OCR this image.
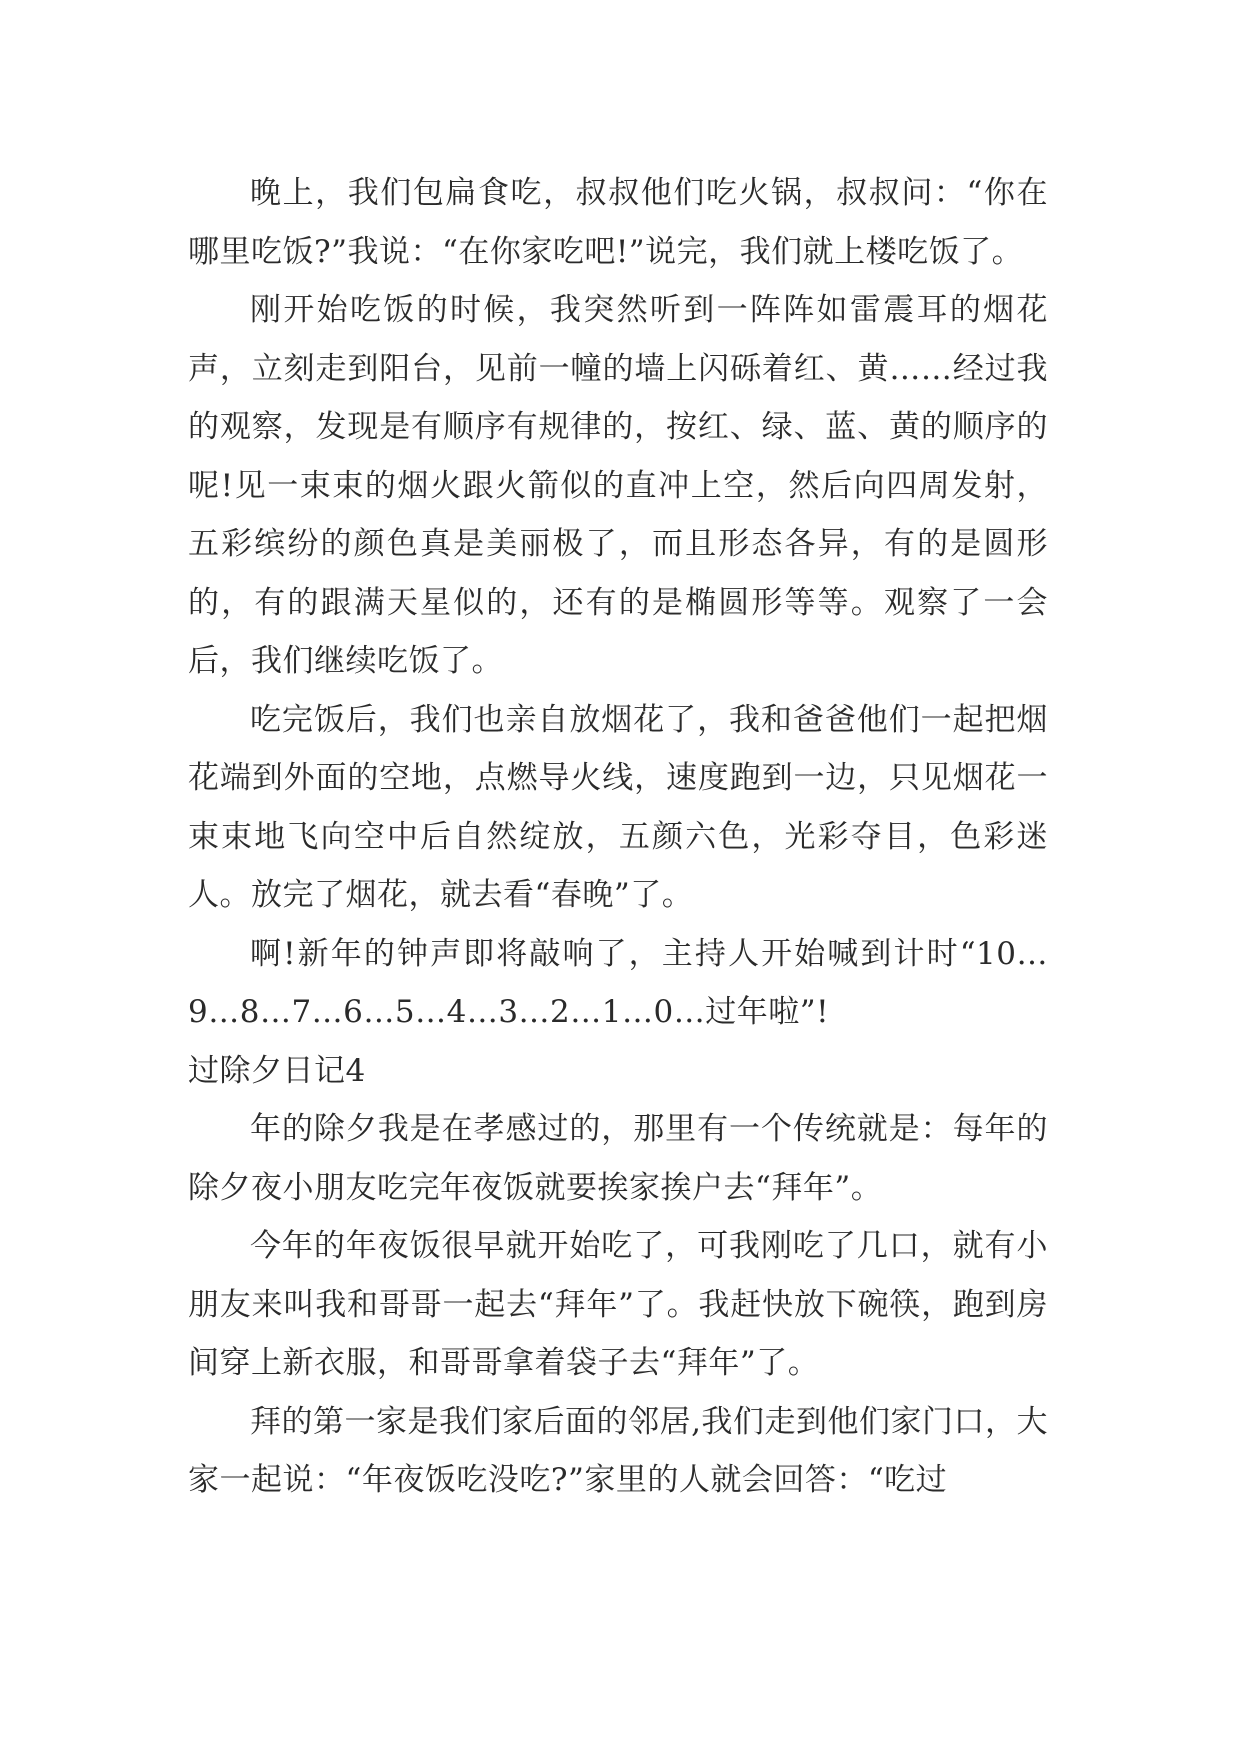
晚上，我们包扁食吃，叔叔他们吃火锅，叔叔问：“你在哪里吃饭?”我说：“在你家吃吧!”说完，我们就上楼吃饭了。

刚开始吃饭的时候，我突然听到一阵阵如雷震耳的烟花声，立刻走到阳台，见前一幢的墙上闪砾着红、黄……经过我的观察，发现是有顺序有规律的，按红、绿、蓝、黄的顺序的呢!见一束束的烟火跟火箭似的直冲上空，然后向四周发射，五彩缤纷的颜色真是美丽极了，而且形态各异，有的是圆形的，有的跟满天星似的，还有的是椭圆形等等。观察了一会后，我们继续吃饭了。

吃完饭后，我们也亲自放烟花了，我和爸爸他们一起把烟花端到外面的空地，点燃导火线，速度跑到一边，只见烟花一束束地飞向空中后自然绽放，五颜六色，光彩夺目，色彩迷人。放完了烟花，就去看“春晚”了。

啊!新年的钟声即将敲响了，主持人开始喊到计时“10…9…8…7…6…5…4…3…2…1…0…过年啦”!

过除夕日记4

年的除夕我是在孝感过的，那里有一个传统就是：每年的除夕夜小朋友吃完年夜饭就要挨家挨户去“拜年”。

今年的年夜饭很早就开始吃了，可我刚吃了几口，就有小朋友来叫我和哥哥一起去“拜年”了。我赶快放下碗筷，跑到房间穿上新衣服，和哥哥拿着袋子去“拜年”了。

拜的第一家是我们家后面的邻居,我们走到他们家门口，大家一起说：“年夜饭吃没吃?”家里的人就会回答：“吃过
